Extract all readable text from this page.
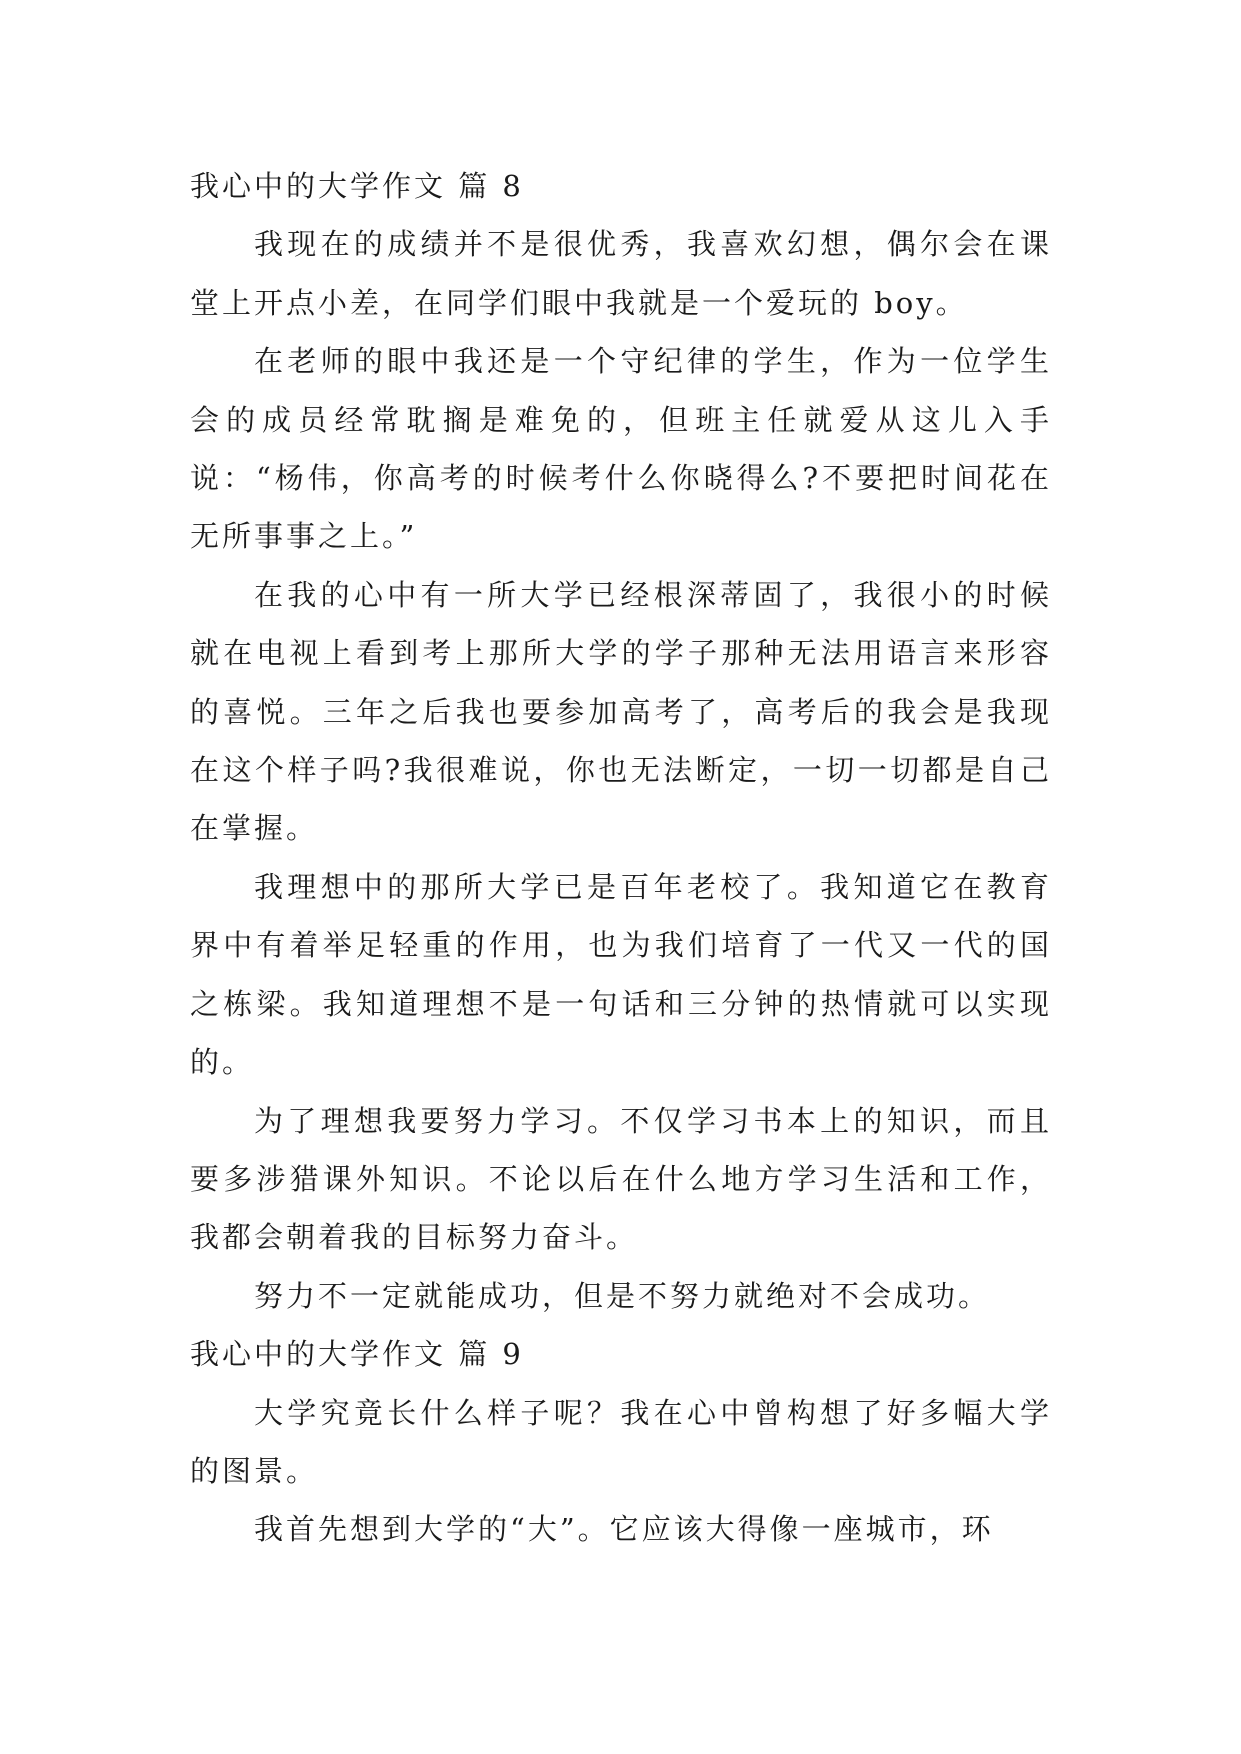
我心中的大学作文 篇 8

我现在的成绩并不是很优秀，我喜欢幻想，偶尔会在课堂上开点小差，在同学们眼中我就是一个爱玩的 boy。

在老师的眼中我还是一个守纪律的学生，作为一位学生会的成员经常耽搁是难免的，但班主任就爱从这儿入手说：“杨伟，你高考的时候考什么你晓得么?不要把时间花在无所事事之上。”

在我的心中有一所大学已经根深蒂固了，我很小的时候就在电视上看到考上那所大学的学子那种无法用语言来形容的喜悦。三年之后我也要参加高考了，高考后的我会是我现在这个样子吗?我很难说，你也无法断定，一切一切都是自己在掌握。

我理想中的那所大学已是百年老校了。我知道它在教育界中有着举足轻重的作用，也为我们培育了一代又一代的国之栋梁。我知道理想不是一句话和三分钟的热情就可以实现的。

为了理想我要努力学习。不仅学习书本上的知识，而且要多涉猎课外知识。不论以后在什么地方学习生活和工作，我都会朝着我的目标努力奋斗。

努力不一定就能成功，但是不努力就绝对不会成功。

我心中的大学作文 篇 9

大学究竟长什么样子呢？我在心中曾构想了好多幅大学的图景。

我首先想到大学的“大”。它应该大得像一座城市，环
